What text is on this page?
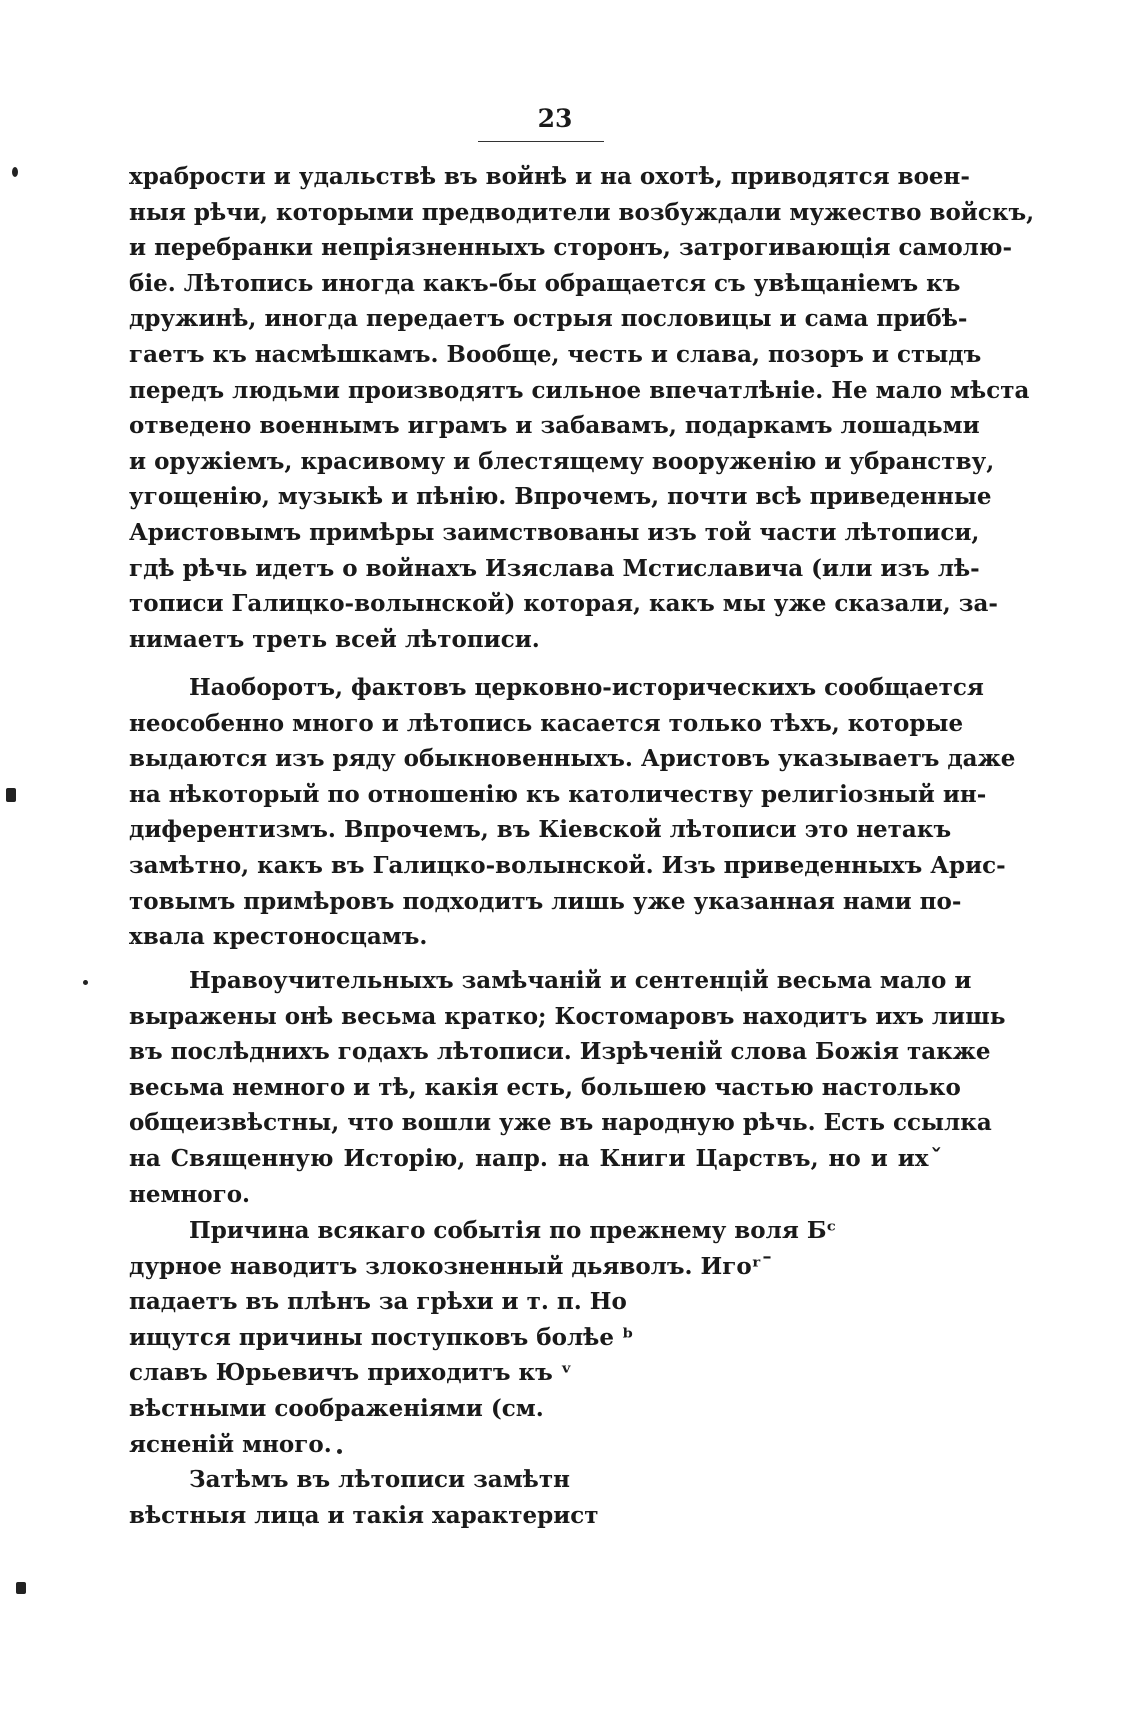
23
храбрости и удальствѣ въ войнѣ и на охотѣ, приводятся воен-
ныя рѣчи, которыми предводители возбуждали мужество войскъ,
и перебранки непріязненныхъ сторонъ, затрогивающія самолю-
біе. Лѣтопись иногда какъ-бы обращается съ увѣщаніемъ къ
дружинѣ, иногда передаетъ острыя пословицы и сама прибѣ-
гаетъ къ насмѣшкамъ. Вообще, честь и слава, позоръ и стыдъ
передъ людьми производятъ сильное впечатлѣніе. Не мало мѣста
отведено военнымъ играмъ и забавамъ, подаркамъ лошадьми
и оружіемъ, красивому и блестящему вооруженію и убранству,
угощенію, музыкѣ и пѣнію. Впрочемъ, почти всѣ приведенные
Аристовымъ примѣры заимствованы изъ той части лѣтописи,
гдѣ рѣчь идетъ о войнахъ Изяслава Мстиславича (или изъ лѣ-
тописи Галицко-волынской) которая, какъ мы уже сказали, за-
нимаетъ треть всей лѣтописи.
Наоборотъ, фактовъ церковно-историческихъ сообщается
неособенно много и лѣтопись касается только тѣхъ, которые
выдаются изъ ряду обыкновенныхъ. Аристовъ указываетъ даже
на нѣкоторый по отношенію къ католичеству религіозный ин-
диферентизмъ. Впрочемъ, въ Кіевской лѣтописи это нетакъ
замѣтно, какъ въ Галицко-волынской. Изъ приведенныхъ Арис-
товымъ примѣровъ подходитъ лишь уже указанная нами по-
хвала крестоносцамъ.
Нравоучительныхъ замѣчаній и сентенцій весьма мало и
выражены онѣ весьма кратко; Костомаровъ находитъ ихъ лишь
въ послѣднихъ годахъ лѣтописи. Изрѣченій слова Божія также
весьма немного и тѣ, какія есть, большею частью настолько
общеизвѣстны, что вошли уже въ народную рѣчь. Есть ссылка
на Священную Исторію, напр. на Книги Царствъ, но и ихˇ
немного.
Причина всякаго событія по прежнему воля Бᶜ
дурное наводитъ злокозненный дьяволъ. Игоʳˉ
падаетъ въ плѣнъ за грѣхи и т. п. Но
ищутся причины поступковъ болѣе ᵇ
славъ Юрьевичъ приходитъ къ ᵛ
вѣстными соображеніями (см.
ясненій много.
Затѣмъ въ лѣтописи замѣтн
вѣстныя лица и такія характерисᴛ
